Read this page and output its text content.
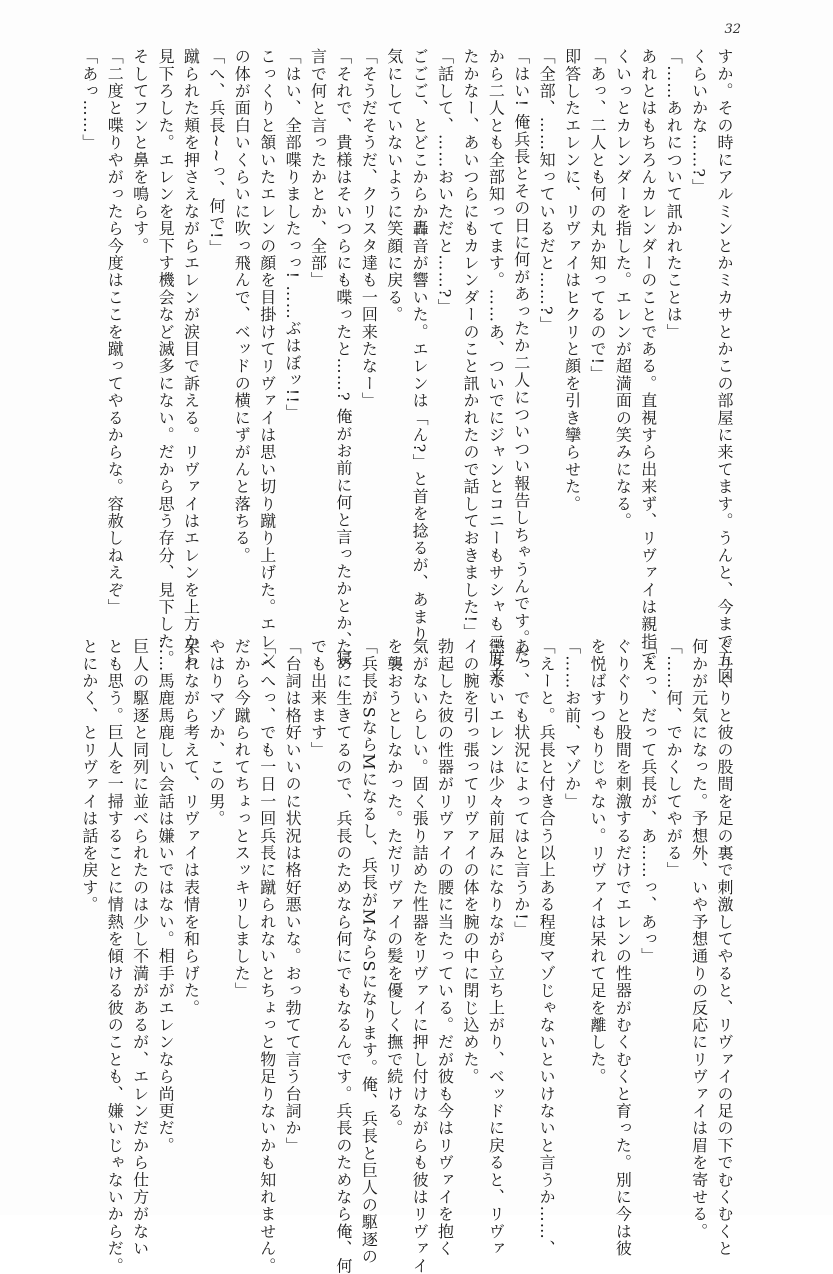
32
すか。その時にアルミンとかミカサとかこの部屋に来てます。うんと、今まで五回
くらいかな……?」
「……あれについて訊かれたことは」
あれとはもちろんカレンダーのことである。直視すら出来ず、リヴァイは親指で
くいっとカレンダーを指した。エレンが超満面の笑みになる。
「あっ、二人とも何の丸か知ってるので!」
即答したエレンに、リヴァイはヒクリと顔を引き攣らせた。
「全部、……知っているだと……?」
「はい! 俺兵長とその日に何があったか二人についつい報告しちゃうんです。だ
から二人とも全部知ってます。……あ、ついでにジャンとコニーもサシャも二度来
たかなー、あいつらにもカレンダーのこと訊かれたので話しておきました!」
「話して、……おいただと……?」
ごごご、とどこからか轟音が響いた。エレンは「ん?」と首を捻るが、あまり
気にしていないように笑顔に戻る。
「そうだそうだ、クリスタ達も一回来たなー」
「それで、貴様はそいつらにも喋ったと……? 俺がお前に何と言ったかとか、寝
言で何と言ったかとか、全部」
「はい、全部喋りましたっっ! ……ぶはぼッ!!」
こっくりと頷いたエレンの顔を目掛けてリヴァイは思い切り蹴り上げた。エレン
の体が面白いくらいに吹っ飛んで、ベッドの横にずがんと落ちる。
「へ、兵長~~っ、何で!」
蹴られた頬を押さえながらエレンが涙目で訴える。リヴァイはエレンを上方から
見下ろした。エレンを見下す機会など滅多にない。だから思う存分、見下した。
そしてフンと鼻を鳴らす。
「二度と喋りやがったら今度はここを蹴ってやるからな。容赦しねえぞ」
「あっ……」
ぐりぐりと彼の股間を足の裏で刺激してやると、リヴァイの足の下でむくむくと
何かが元気になった。予想外、いや予想通りの反応にリヴァイは眉を寄せる。
「……何、でかくしてやがる」
「えっ、だって兵長が、あ……っ、あっ」
ぐりぐりと股間を刺激するだけでエレンの性器がむくむくと育った。別に今は彼
を悦ばすつもりじゃない。リヴァイは呆れて足を離した。
「……お前、マゾか」
「えーと。兵長と付き合う以上ある程度マゾじゃないといけないと言うか……、
あっ、でも状況によってはと言うか!」
懲りないエレンは少々前屈みになりながら立ち上がり、ベッドに戻ると、リヴァ
イの腕を引っ張ってリヴァイの体を腕の中に閉じ込めた。
勃起した彼の性器がリヴァイの腰に当たっている。だが彼も今はリヴァイを抱く
気がないらしい。固く張り詰めた性器をリヴァイに押し付けながらも彼はリヴァイ
を襲おうとしなかった。ただリヴァイの髪を優しく撫で続ける。
「兵長がSならMになるし、兵長がMならSになります。俺、兵長と巨人の駆逐の
ために生きてるので、兵長のためなら何にでもなるんです。兵長のためなら俺、何
でも出来ます」
「台詞は格好いいのに状況は格好悪いな。おっ勃てて言う台詞か」
「へへっ、でも一日一回兵長に蹴られないとちょっと物足りないかも知れません。
だから今蹴られてちょっとスッキリしました」
やはりマゾか、この男。
呆れながら考えて、リヴァイは表情を和らげた。
……馬鹿馬鹿しい会話は嫌いではない。相手がエレンなら尚更だ。
巨人の駆逐と同列に並べられたのは少し不満があるが、エレンだから仕方がない
とも思う。巨人を一掃することに情熱を傾ける彼のことも、嫌いじゃないからだ。
とにかく、とリヴァイは話を戻す。
